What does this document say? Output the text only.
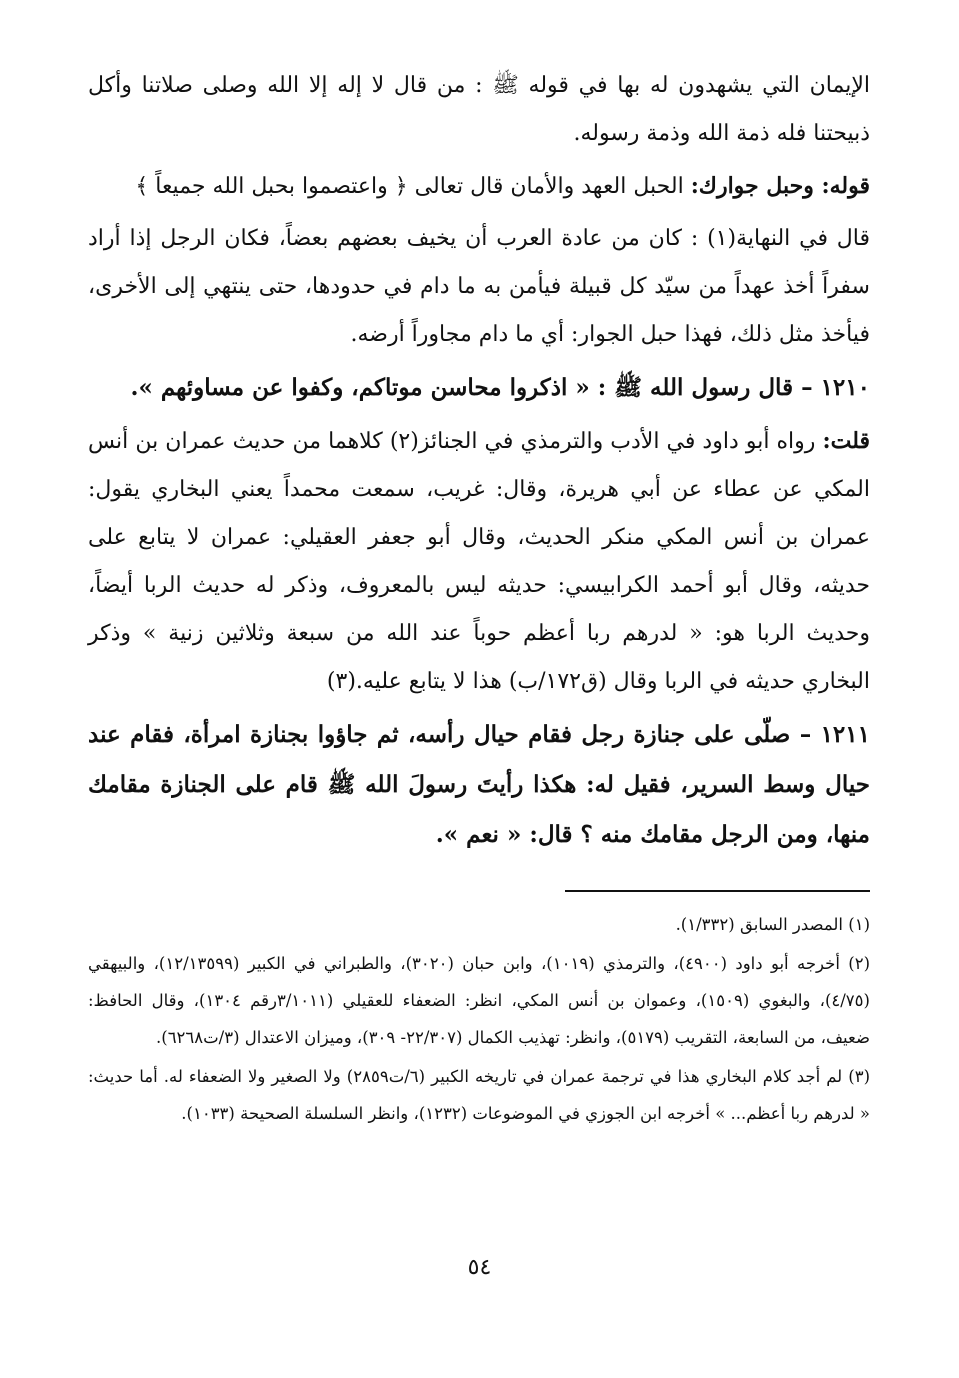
الإيمان التي يشهدون له بها في قوله ﷺ : من قال لا إله إلا الله وصلى صلاتنا وأكل ذبيحتنا فله ذمة الله وذمة رسوله.

قوله: وحبل جوارك: الحبل العهد والأمان قال تعالى ﴿ واعتصموا بحبل الله جميعاً ﴾

قال في النهاية(١) : كان من عادة العرب أن يخيف بعضهم بعضاً، فكان الرجل إذا أراد سفراً أخذ عهداً من سيّد كل قبيلة فيأمن به ما دام في حدودها، حتى ينتهي إلى الأخرى، فيأخذ مثل ذلك، فهذا حبل الجوار: أي ما دام مجاوراً أرضه.

١٢١٠ – قال رسول الله ﷺ : « اذكروا محاسن موتاكم، وكفوا عن مساوئهم ».

قلت: رواه أبو داود في الأدب والترمذي في الجنائز(٢) كلاهما من حديث عمران بن أنس المكي عن عطاء عن أبي هريرة، وقال: غريب، سمعت محمداً يعني البخاري يقول: عمران بن أنس المكي منكر الحديث، وقال أبو جعفر العقيلي: عمران لا يتابع على حديثه، وقال أبو أحمد الكرابيسي: حديثه ليس بالمعروف، وذكر له حديث الربا أيضاً، وحديث الربا هو: « لدرهم ربا أعظم حوباً عند الله من سبعة وثلاثين زنية » وذكر البخاري حديثه في الربا وقال (ق١٧٢/ب) هذا لا يتابع عليه.(٣)

١٢١١ – صلّى على جنازة رجل فقام حيال رأسه، ثم جاؤوا بجنازة امرأة، فقام عند حيال وسط السرير، فقيل له: هكذا رأيتَ رسولَ الله ﷺ قام على الجنازة مقامك منها، ومن الرجل مقامك منه ؟ قال: « نعم ».

(١) المصدر السابق (١/٣٣٢).

(٢) أخرجه أبو داود (٤٩٠٠)، والترمذي (١٠١٩)، وابن حبان (٣٠٢٠)، والطبراني في الكبير (١٢/١٣٥٩٩)، والبيهقي (٤/٧٥)، والبغوي (١٥٠٩)، وعموان بن أنس المكي، انظر: الضعفاء للعقيلي (٣/١٠١١رقم ١٣٠٤)، وقال الحافظ: ضعيف، من السابعة، التقريب (٥١٧٩)، وانظر: تهذيب الكمال (٢٢/٣٠٧- ٣٠٩)، وميزان الاعتدال (٣/ت٦٢٦٨).

(٣) لم أجد كلام البخاري هذا في ترجمة عمران في تاريخه الكبير (٦/ت٢٨٥٩) ولا الصغير ولا الضعفاء له. أما حديث: « لدرهم ربا أعظم... » أخرجه ابن الجوزي في الموضوعات (١٢٣٢)، وانظر السلسلة الصحيحة (١٠٣٣).

٥٤
